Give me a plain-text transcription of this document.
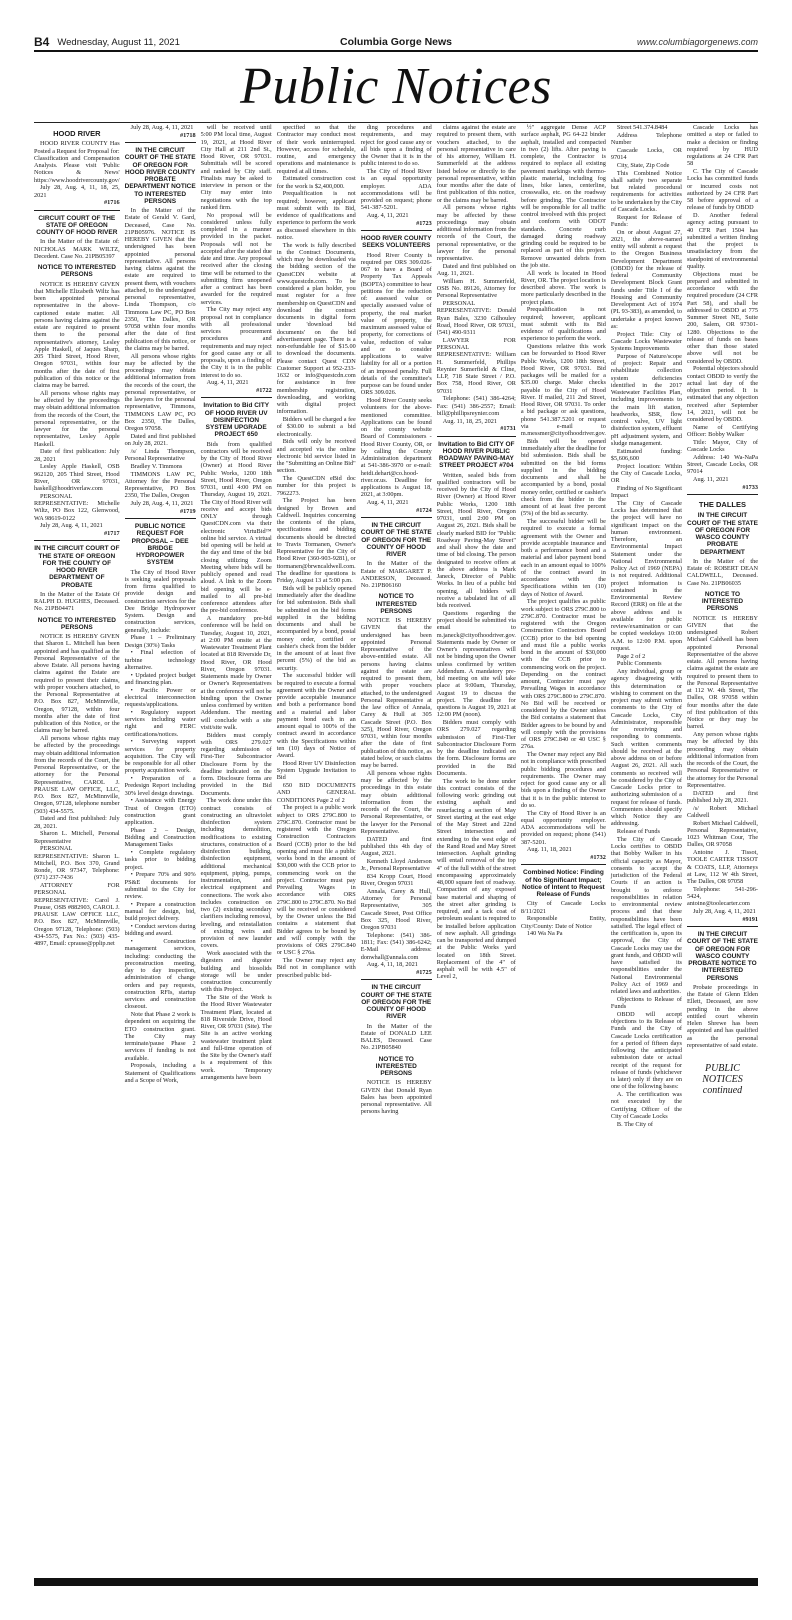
B4 Wednesday, August 11, 2021	Columbia Gorge News	www.columbiagorgenews.com
Public Notices

HOOD RIVER

HOOD RIVER COUNTY Has Posted a Request for Proposal for: Classification and Compensation Analysis. Please visit 'Public Notices & News' https://www.hoodrivercounty.gov/

July 28, Aug. 4, 11, 18, 25, 2021

#1716

CIRCUIT COURT OF THE STATE OF OREGON COUNTY OF HOOD RIVER

In the Matter of the Estate of: NICHOLAS MARK WILTZ, Decedent. Case No. 21PB05397

NOTICE TO INTERESTED PERSONS

NOTICE IS HEREBY GIVEN that Michelle Elizabeth Wiltz has been appointed personal representative in the above-captioned estate matter. All persons having claims against the estate are required to present them to the personal representative's attorney, Lesley Apple Haskell, of Jaques Sharp, 205 Third Street, Hood River, Oregon 97031, within four months after the date of first publication of this notice or the claims may be barred.

All persons whose rights may be affected by the proceedings may obtain additional information from the records of the Court, the personal representative, or the lawyer for the personal representative, Lesley Apple Haskell.

Date of first publication: July 28, 2021

Lesley Apple Haskell, OSB 962120, 205 Third Street, Hood River, OR 97031, haskell@hoodriverlaw.com

PERSONAL REPRESENTATIVE: Michelle Wiltz, PO Box 122, Glenwood, WA 98619-0122

July 28, Aug. 4, 11, 2021

#1717

IN THE CIRCUIT COURT OF THE STATE OF OREGON FOR THE COUNTY OF HOOD RIVER DEPARTMENT OF PROBATE

In the Matter of the Estate Of RALPH D. HUGHES, Deceased. No. 21PB04471

NOTICE TO INTERESTED PERSONS

NOTICE IS HEREBY GIVEN that Sharon L. Mitchell has been appointed and has qualified as the Personal Representative of the above Estate. All persons having claims against the Estate are required to present their claims, with proper vouchers attached, to the Personal Representative at P.O. Box 827, McMinnville, Oregon, 97128, within four months after the date of first publication of this Notice, or the claims may be barred.

All persons whose rights may be affected by the proceedings may obtain additional information from the records of the Court, the Personal Representative, or the attorney for the Personal Representative, CAROL J. PRAUSE LAW OFFICE, LLC, P.O. Box 827, McMinnville, Oregon, 97128, telephone number (503) 434-5575.

Dated and first published: July 28, 2021.

Sharon L. Mitchell, Personal Representative

PERSONAL REPRESENTATIVE: Sharon L. Mitchell, P.O. Box 370, Grand Ronde, OR 97347, Telephone: (971) 237-7436

ATTORNEY FOR PERSONAL REPRESENTATIVE: Carol J. Prause, OSB #882903, CAROL J. PRAUSE LAW OFFICE LLC, P.O. Box 827, McMinnville, Oregon 97128, Telephone: (503) 434-5575, Fax No.: (503) 435-4897, Email: cprause@pplip.net

July 28, Aug. 4, 11, 2021

#1718

IN THE CIRCUIT COURT OF THE STATE OF OREGON FOR HOOD RIVER COUNTY PROBATE DEPARTMENT NOTICE TO INTERESTED PERSONS

In the Matter of the Estate of Gerald V. Gard, Deceased, Case No. 21PB05976. NOTICE IS HEREBY GIVEN that the undersigned has been appointed personal representative. All persons having claims against the estate are required to present them, with vouchers attached, to the undersigned personal representative, Linda Thompson, c/o Timmons Law PC, PO Box 2350, The Dalles, OR 97058 within four months after the date of first publication of this notice, or the claims may be barred.

All persons whose rights may be affected by the proceedings may obtain additional information from the records of the court, the personal representative, or the lawyers for the personal representative, Timmons, TIMMONS LAW PC, PO Box 2350, The Dalles, Oregon 97058.

Dated and first published on July 28, 2021.

/s/ Linda Thompson, Personal Representative

Bradley V. Timmons

TIMMONS LAW PC, Attorney for the Personal Representative, PO Box 2350, The Dalles, Oregon

July 28, Aug. 4, 11, 2021

#1719

PUBLIC NOTICE REQUEST FOR PROPOSAL – DEE BRIDGE HYDROPOWER SYSTEM

The City of Hood River is seeking sealed proposals from firms qualified to provide design and construction services for the Dee Bridge Hydropower System. Design and construction services, generally, include:

Phase 1 – Preliminary Design (30%) Tasks

• Final selection of turbine technology alternative.

• Updated project budget and financing plan.

• Pacific Power or electrical interconnection requests/applications.

• Regulatory support services including water right and FERC certifications/notices.

• Surveying support services for property acquisition. The City will be responsible for all other property acquisition work.

• Preparation of a Predesign Report including 30% level design drawings.

• Assistance with Energy Trust of Oregon (ETO) construction grant application.

Phase 2 – Design, Bidding and Construction Management Tasks

• Complete regulatory tasks prior to bidding project.

• Prepare 70% and 90% PS&E documents for submittal to the City for review.

• Prepare a construction manual for design, bid, build project delivery.

• Conduct services during bidding and award.

• Construction management services, including: conducting the preconstruction meeting, day to day inspection, administration of change orders and pay requests, construction RFIs, startup services and construction closeout.

Note that Phase 2 work is dependent on acquiring the ETO construction grant. The City may terminate/pause Phase 2 services if funding is not available.

Proposals, including a Statement of Qualifications and a Scope of Work,

will be received until 5:00 PM local time, August 19, 2021, at Hood River City Hall at 211 2nd St., Hood River, OR 97031. Submittals will be scored and ranked by City staff. Finalists may be asked to interview in person or the City may enter into negotiations with the top ranked firm.

No proposal will be considered unless fully completed in a manner provided in the packet. Proposals will not be accepted after the stated due date and time. Any proposal received after the closing time will be returned to the submitting firm unopened after a contract has been awarded for the required services.

The City may reject any proposal not in compliance with all professional services procurement procedures and requirements and may reject for good cause any or all proposals, upon a finding of the City it is in the public interest to do so.

Aug. 4, 11, 2021

#1722

Invitation to Bid CITY OF HOOD RIVER UV DISINFECTION SYSTEM UPGRADE PROJECT 650

Bids from qualified contractors will be received by the City of Hood River (Owner) at Hood River Public Works, 1200 18th Street, Hood River, Oregon 97031, until 4:00 PM on Thursday, August 19, 2021. The City of Hood River will receive and accept bids ONLY through QuestCDN.com via their electronic VirtuBid™ online bid service. A virtual bid opening will be held at the day and time of the bid closing utilizing Zoom Meeting where bids will be publicly opened and read aloud. A link to the Zoom bid opening will be e-mailed to all pre-bid conference attendees after the pre-bid conference.

A mandatory pre-bid conference will be held on Tuesday, August 10, 2021, at 2:00 PM onsite at the Wastewater Treatment Plant located at 818 Riverside Dr, Hood River, OR Hood River, Oregon 97031. Statements made by Owner or Owner's Representatives at the conference will not be binding upon the Owner unless confirmed by written Addendum. The meeting will conclude with a site visit/site walk.

Bidders must comply with ORS 279.027 regarding submission of First-Tier Subcontractor Disclosure Form by the deadline indicated on the form. Disclosure forms are provided in the Bid Documents.

The work done under this contract consists of constructing an ultraviolet disinfection system including demolition, modifications to existing structures, construction of a disinfection building, disinfection equipment, additional mechanical equipment, piping, pumps, instrumentation, and electrical equipment and connections. The work also includes construction on two (2) existing secondary clarifiers including removal, leveling, and reinstallation of existing weirs and provision of new launder covers.

Work associated with the digesters and digester building and biosolids storage will be under construction concurrently with this Project.

The Site of the Work is the Hood River Wastewater Treatment Plant, located at 818 Riverside Drive, Hood River, OR 97031 (Site). The Site is an active working wastewater treatment plant and full-time operation of the Site by the Owner's staff is a requirement of this work. Temporary arrangements have been

specified so that the Contractor may conduct most of their work uninterrupted. However, access for schedule, routine, and emergency operations and maintenance is required at all times.

Estimated construction cost for the work is $2,400,000.

Prequalification is not required; however, applicant must submit with its Bid, evidence of qualifications and experience to perform the work as discussed elsewhere in this notice.

The work is fully described in the Contract Documents, which may be downloaded via the bidding section of the QuestCDN website at www.questcdn.com. To be considered a plan holder, you must register for a free membership on QuestCDN and download the contract documents in digital form under 'download bid documents' on the bid advertisement page. There is a non-refundable fee of $15.00 to download the documents. Please contact Quest CDN Customer Support at 952-233-1632 or info@questcdn.com for assistance in free membership registration, downloading, and working with digital project information.

Bidders will be charged a fee of $30.00 to submit a bid electronically.

Bids will only be received and accepted via the online electronic bid service listed in the "Submitting an Online Bid" section.

The QuestCDN eBid doc number for this project is 7962273.

The Project has been designed by Brown and Caldwell. Inquiries concerning the contents of the plans, specifications and bidding documents should be directed to Travis Tormanen, Owner's Representative for the City of Hood River (360-903-9281), or ttormanen@brwncaldwell.com. The deadline for questions is Friday, August 13 at 5:00 p.m.

Bids will be publicly opened immediately after the deadline for bid submission. Bids shall be submitted on the bid forms supplied in the bidding documents and shall be accompanied by a bond, postal money order, certified or cashier's check from the bidder in the amount of at least five percent (5%) of the bid as security.

The successful bidder will be required to execute a formal agreement with the Owner and provide acceptable insurance and both a performance bond and a material and labor payment bond each in an amount equal to 100% of the contract award in accordance with the Specifications within ten (10) days of Notice of Award.

Hood River UV Disinfection System Upgrade Invitation to Bid

650 BID DOCUMENTS AND GENERAL CONDITIONS Page 2 of 2

The project is a public work subject to ORS 279C.800 to 279C.870. Contractor must be registered with the Oregon Construction Contractors Board (CCB) prior to the bid opening and must file a public works bond in the amount of $30,000 with the CCB prior to commencing work on the project. Contractor must pay Prevailing Wages in accordance with ORS 279C.800 to 279C.870. No Bid will be received or considered by the Owner unless the Bid contains a statement that Bidder agrees to be bound by and will comply with the provisions of ORS 279C.840 or USC § 276a.

The Owner may reject any Bid not in compliance with prescribed public bid-

ding procedures and requirements, and may reject for good cause any or all bids upon a finding of the Owner that it is in the public interest to do so.

The City of Hood River is an equal opportunity employer. ADA accommodations will be provided on request; phone 541-387-5201.

Aug. 4, 11, 2021

#1723

HOOD RIVER COUNTY SEEKS VOLUNTEERS

Hood River County is required per ORS 309.026-067 to have a Board of Property Tax Appeals (BOPTA) committee to hear petitions for the reduction of: assessed value or specially assessed value of property, the real market value of property, the maximum assessed value of property, for corrections of value, reduction of value and or to consider applications to waive liability for all or a portion of an imposed penalty. Full details of the committee's purpose can be found under ORS 309.026.

Hood River County seeks volunteers for the above-mentioned committee. Applications can be found on the county website Board of Commissioners - Hood River County, OR, or by calling the County Administration department at 541-386-3970 or e-mail: heidi.dehart@co.hood-river.or.us. Deadline for applications is August 18, 2021, at 3:00pm.

Aug. 4, 11, 2021

#1724

IN THE CIRCUIT COURT OF THE STATE OF OREGON FOR THE COUNTY OF HOOD RIVER

In the Matter of the Estate of MARGARET P. ANDERSON, Deceased. No. 21PB06160

NOTICE TO INTERESTED PERSONS

NOTICE IS HEREBY GIVEN that the undersigned has been appointed Personal Representative of the above-entitled estate. All persons having claims against the estate are required to present them, with proper vouchers attached, to the undersigned Personal Representative at the law office of Annala, Carey & Hull at 305 Cascade Street (P.O. Box 325), Hood River, Oregon 97031, within four months after the date of first publication of this notice, as stated below, or such claims may be barred.

All persons whose rights may be affected by the proceedings in this estate may obtain additional information from the records of the Court, the Personal Representative, or the lawyer for the Personal Representative.

DATED and first published this 4th day of August, 2021.

Kenneth Lloyd Anderson Jr., Personal Representative

834 Kropp Court, Hood River, Oregon 97031

Annala, Carey & Hull, Attorney for Personal Representative, 305 Cascade Street, Post Office Box 325, Hood River, Oregon 97031

Telephone: (541) 386-1811; Fax: (541) 386-6242; E-Mail address: donwhall@annala.com

Aug. 4, 11, 18, 2021

#1725

IN THE CIRCUIT COURT OF THE STATE OF OREGON FOR THE COUNTY OF HOOD RIVER

In the Matter of the Estate of DONALD LEE BALES, Deceased. Case No. 21PB05840

NOTICE TO INTERESTED PERSONS

NOTICE IS HEREBY GIVEN that Donald Ryan Bales has been appointed personal representative. All persons having

claims against the estate are required to present them, with vouchers attached, to the personal representative in care of his attorney, William H. Summerfeld at the address listed below or directly to the personal representative, within four months after the date of first publication of this notice, or the claims may be barred.

All persons whose rights may be affected by these proceedings may obtain additional information from the records of the Court, the personal representative, or the lawyer for the personal representative.

Dated and first published on Aug. 11, 2021.

William H. Summerfeld, OSB No. 89126, Attorney for Personal Representative

PERSONAL REPRESENTATIVE: Donald Ryan Bales, 3230 Gilhouley Road, Hood River, OR 97031, (541) 490-9311

LAWYER FOR PERSONAL REPRESENTATIVE: William H. Summerfeld, Phillips Reynier Sumerfield & Cline, LLP, 718 State Street / P.O. Box 758, Hood River, OR 97031

Telephone: (541) 386-4264; Fax: (541) 386-2557; Email: bill@phillipsreynier.com

Aug. 11, 18, 25, 2021

#1731

Invitation to Bid CITY OF HOOD RIVER PUBLIC ROADWAY PAVING-MAY STREET PROJECT #704

Written, sealed bids from qualified contractors will be received by the City of Hood River (Owner) at Hood River Public Works, 1200 18th Street, Hood River, Oregon 97031, until 2:00 PM on August 26, 2021. Bids shall be clearly marked BID for "Public Roadway Paving-May Street" and shall show the date and time of bid closing. The person designated to receive offers at the above address is Mark Janeck, Director of Public Works. In lieu of a public bid opening, all bidders will receive a tabulated list of all bids received.

Questions regarding the project should be submitted via email to m.janeck@cityofhoodriver.gov. Statements made by Owner or Owner's representatives will not be binding upon the Owner unless confirmed by written Addendum. A mandatory pre-bid meeting on site will take place at 9:00am, Thursday, August 19 to discuss the project. The deadline for questions is August 19, 2021 at 12:00 PM (noon).

Bidders must comply with ORS 279.027 regarding submission of First-Tier Subcontractor Disclosure Form by the deadline indicated on the form. Disclosure forms are provided in the Bid Documents.

The work to be done under this contract consists of the following work: grinding out existing asphalt and resurfacing a section of May Street starting at the east edge of the May Street and 22nd Street intersection and extending to the west edge of the Rand Road and May Street intersection. Asphalt grinding will entail removal of the top 4" of the full width of the street encompassing approximately 48,000 square feet of roadway. Compaction of any exposed base material and shaping of the street after grinding is required, and a tack coat of petroleum sealant is required to be installed before application of new asphalt. All grindings can be transported and dumped at the Public Works yard located on 18th Street. Replacement of the 4" of asphalt will be with 4.5" of Level 2,

½" aggregate Dense ACP surface asphalt, PG 64-22 binder asphalt, installed and compacted in two (2) lifts. After paving is complete, the Contractor is required to replace all existing pavement markings with thermo-plastic material, including fog lines, bike lanes, centerline, crosswalks, etc. on the roadway before grinding. The Contractor will be responsible for all traffic control involved with this project and conform with ODOT standards. Concrete curb damaged during roadway grinding could be required to be replaced as part of this project. Remove unwanted debris from the job site.

All work is located in Hood River, OR. The project location is described above. The work is more particularly described in the project plans.

Prequalification is not required; however, applicant must submit with its Bid evidence of qualifications and experience to perform the work.

Questions relative this work can be forwarded to Hood River Public Works, 1200 18th Street, Hood River, OR 97031. Bid packages will be mailed for a $35.00 charge. Make checks payable to the City of Hood River. If mailed, 211 2nd Street, Hood River, OR 97031. To order a bid package or ask questions, phone 541.387.5201 or request via e-mail to m.messmer@cityofhoodriver.gov.

Bids will be opened immediately after the deadline for bid submission. Bids shall be submitted on the bid forms supplied in the bidding documents and shall be accompanied by a bond, postal money order, certified or cashier's check from the bidder in the amount of at least five percent (5%) of the bid as security.

The successful bidder will be required to execute a formal agreement with the Owner and provide acceptable insurance and both a performance bond and a material and labor payment bond each in an amount equal to 100% of the contract award in accordance with the Specifications within ten (10) days of Notice of Award.

The project qualifies as public work subject to ORS 279C.800 to 279C.870. Contractor must be registered with the Oregon Construction Contractors Board (CCB) prior to the bid opening and must file a public works bond in the amount of $30,000 with the CCB prior to commencing work on the project. Depending on the contract amount, Contractor must pay Prevailing Wages in accordance with ORS 279C.800 to 279C.870. No Bid will be received or considered by the Owner unless the Bid contains a statement that Bidder agrees to be bound by and will comply with the provisions of ORS 279C.840 or 40 USC § 276a.

The Owner may reject any Bid not in compliance with prescribed public bidding procedures and requirements. The Owner may reject for good cause any or all bids upon a finding of the Owner that it is in the public interest to do so.

The City of Hood River is an equal opportunity employer. ADA accommodations will be provided on request; phone (541) 387-5201.

Aug. 11, 18, 2021

#1732

Combined Notice: Finding of No Significant Impact; Notice of Intent to Request Release of Funds

City of Cascade Locks 8/11/2021

Responsible Entity, City/County: Date of Notice

140 Wa Na Pa

Street 541.374.8484

Address Telephone Number

Cascade Locks, OR 97014

City, State, Zip Code

This Combined Notice shall satisfy two separate but related procedural requirements for activities to be undertaken by the City of Cascade Locks.

Request for Release of Funds:

On or about August 27, 2021, the above-named entity will submit a request to the Oregon Business Development Department (OBDD) for the release of federal Community Development Block Grant funds under Title I of the Housing and Community Development Act of 1974 (PL 93-383), as amended, to undertake a project known as:

Project Title: City of Cascade Locks Wastewater Systems Improvements

Purpose of Nature/scope of project: Repair and rehabilitate collection system deficiencies identified in the 2017 Wastewater Facilities Plan, including improvements to the main lift station, headworks, SBR, flow control valve, UV light disinfection system, effluent pH adjustment system, and sludge management.

Estimated funding: $5,606,600

Project location: Within the City of Cascade Locks, OR

Finding of No Significant Impact

The City of Cascade Locks has determined that the project will have no significant impact on the human environment. Therefore, an Environmental Impact Statement under the National Environmental Policy Act of 1969 (NEPA) is not required. Additional project information is contained in the Environmental Review Record (ERR) on file at the above address and is available for public review/examination or can be copied weekdays 10:00 A.M. to 12:00 P.M. upon request.

Page 2 of 2

Public Comments

Any individual, group or agency disagreeing with this determination or wishing to comment on the project may submit written comments to the City of Cascade Locks, City Administrator, responsible for receiving and responding to comments. Such written comments should be received at the above address on or before August 26, 2021. All such comments so received will be considered by the City of Cascade Locks prior to authorizing submission of a request for release of funds. Commenters should specify which Notice they are addressing.

Release of Funds

The City of Cascade Locks certifies to OBDD that Bobby Walker in his official capacity as Mayor, consents to accept the jurisdiction of the Federal Courts if an action is brought to enforce responsibilities in relation to environmental review process and that these responsibilities have been satisfied. The legal effect of the certification is, upon its approval, the City of Cascade Locks may use the grant funds, and OBDD will have satisfied its responsibilities under the National Environmental Policy Act of 1969 and related laws and authorities.

Objections to Release of Funds

OBDD will accept objections to its Release of Funds and the City of Cascade Locks certification for a period of fifteen days following the anticipated submission date or actual receipt of the request for release of funds (whichever is later) only if they are on one of the following bases:

A. The certification was not executed by the Certifying Officer of the City of Cascade Locks

B. The City of

Cascade Locks has omitted a step or failed to make a decision or finding required by HUD regulations at 24 CFR Part 58

C. The City of Cascade Locks has committed funds or incurred costs not authorized by 24 CFR Part 58 before approval of a release of funds by OBDD

D. Another federal agency acting pursuant to 40 CFR Part 1504 has submitted a written finding that the project is unsatisfactory from the standpoint of environmental quality.

Objections must be prepared and submitted in accordance with the required procedure (24 CFR Part 58), and shall be addressed to OBDD at 775 Summer Street NE, Suite 200, Salem, OR 97301-1280. Objections to the release of funds on bases other than those stated above will not be considered by OBDD.

Potential objectors should contact OBDD to verify the actual last day of the objection period. It is estimated that any objection received after September 14, 2021, will not be considered by OBDD.

Name of Certifying Officer: Bobby Walker

Title: Mayor, City of Cascade Locks

Address: 140 Wa-NaPa Street, Cascade Locks, OR 97014

Aug. 11, 2021

#1733

THE DALLES

IN THE CIRCUIT COURT OF THE STATE OF OREGON FOR WASCO COUNTY PROBATE DEPARTMENT

In the Matter of the Estate of: ROBERT DEAN CALDWELL, Deceased. Case No. 21PB06035

NOTICE TO INTERESTED PERSONS

NOTICE IS HEREBY GIVEN that the undersigned Robert Michael Caldwell has been appointed Personal Representative of the above estate. All persons having claims against the estate are required to present them to the Personal Representative at 112 W. 4th Street, The Dalles, OR 97058 within four months after the date of first publication of this Notice or they may be barred.

Any person whose rights may be affected by this proceeding may obtain additional information from the records of the Court, the Personal Representative or the attorney for the Personal Representative.

DATED and first published July 28, 2021.

/s/ Robert Michael Caldwell

Robert Michael Caldwell, Personal Representative, 1023 Whitman Cour, The Dalles, OR 97058

Antoine J. Tissot, TOOLE CARTER TISSOT & COATS, LLP, Attorneys at Law, 112 W 4th Street, The Dalles, OR 97058

Telephone: 541-296-5424, antoine@toolecarter.com

July 28, Aug. 4, 11, 2021

#9191

IN THE CIRCUIT COURT OF THE STATE OF OREGON FOR WASCO COUNTY PROBATE NOTICE TO INTERESTED PERSONS

Probate proceedings in the Estate of Glenn Elden Ellett, Deceased, are now pending in the above entitled court wherein Helen Shrewe has been appointed and has qualified as the personal representative of said estate.

PUBLIC NOTICES continued
